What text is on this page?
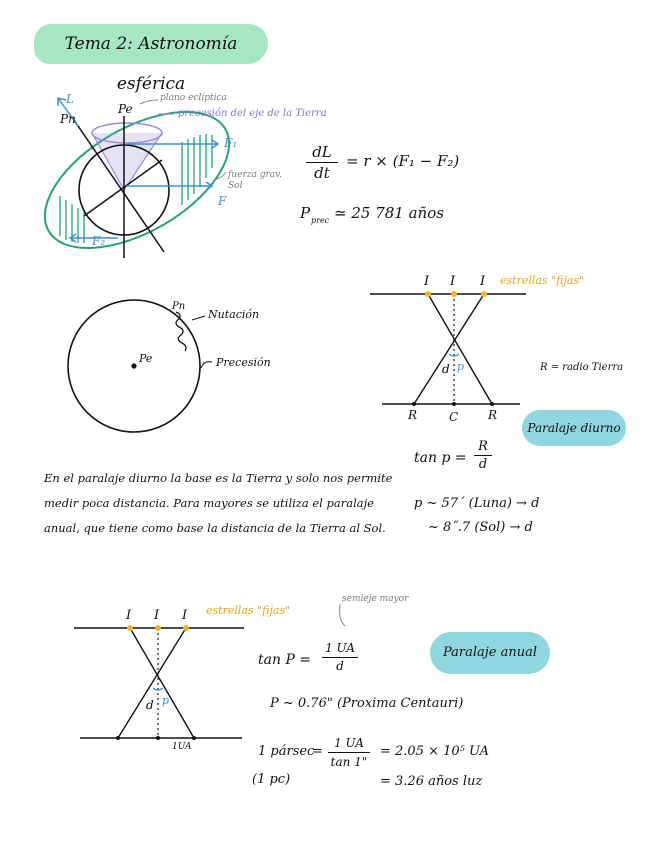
Tema 2: Astronomía esférica
L
Pn
Pe
F₁
F
F₂
plano eclíptica
precesión del eje de la Tierra
fuerza grav.
Sol
$\frac{dL}{dt} = r \times (F_1 - F_2)$
P prec ≃ 25 781 años
Pn
Pe
Nutación
Precesión
I I I estrellas "fijas"
d p
R	C R
R = radio Tierra
Paralaje diurno
$\tan p = \frac{R}{d}$
p ~ 57´ (Luna) → d
~ 8˝.7 (Sol) → d
En el paralaje diurno la base es la Tierra y solo nos permite medir poca distancia. Para mayores se utiliza el paralaje anual, que tiene como base la distancia de la Tierra al Sol.
I I I estrellas "fijas"
semieje mayor
d p
1UA
$\tan P = \frac{1 UA}{d}$	Paralaje anual
P ~ 0.76" (Proxima Centauri)
1 pársec
(1 pc)
= $\frac{1 UA}{\tan 1"} = 2.05 \times 10^5$ UA
= 3.26 años luz
